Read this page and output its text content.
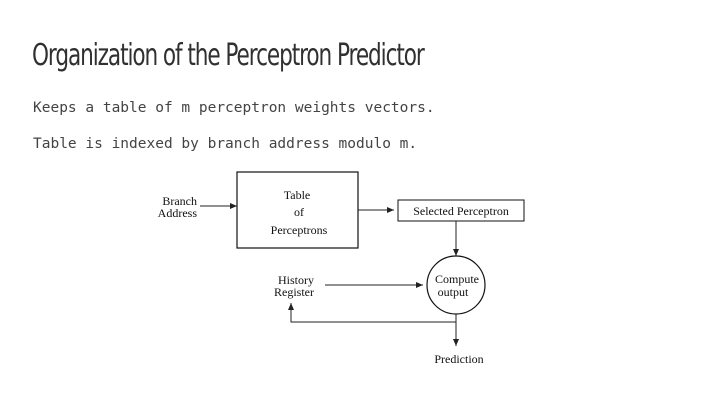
Organization of the Perceptron Predictor

Keeps a table of m perceptron weights vectors.

Table is indexed by branch address modulo m.

Branch
Address
Table
of
Perceptrons
Selected Perceptron
Compute
output
History
Register
Prediction
